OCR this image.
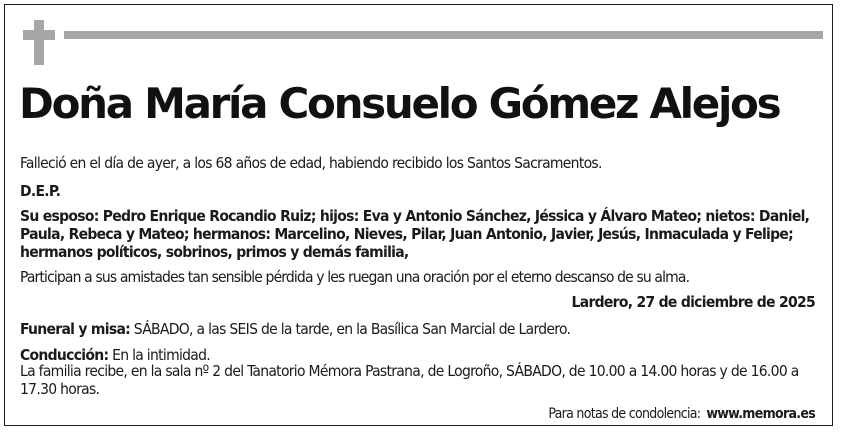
Doña María Consuelo Gómez Alejos
Falleció en el día de ayer, a los 68 años de edad, habiendo recibido los Santos Sacramentos.
D.E.P.
Su esposo: Pedro Enrique Rocandio Ruiz; hijos: Eva y Antonio Sánchez, Jéssica y Álvaro Mateo; nietos: Daniel, Paula, Rebeca y Mateo; hermanos: Marcelino, Nieves, Pilar, Juan Antonio, Javier, Jesús, Inmaculada y Felipe; hermanos políticos, sobrinos, primos y demás familia,
Participan a sus amistades tan sensible pérdida y les ruegan una oración por el eterno descanso de su alma.
Lardero, 27 de diciembre de 2025
Funeral y misa: SÁBADO, a las SEIS de la tarde, en la Basílica San Marcial de Lardero.
Conducción: En la intimidad.
La familia recibe, en la sala nº 2 del Tanatorio Mémora Pastrana, de Logroño, SÁBADO, de 10.00 a 14.00 horas y de 16.00 a 17.30 horas.
Para notas de condolencia: www.memora.es
